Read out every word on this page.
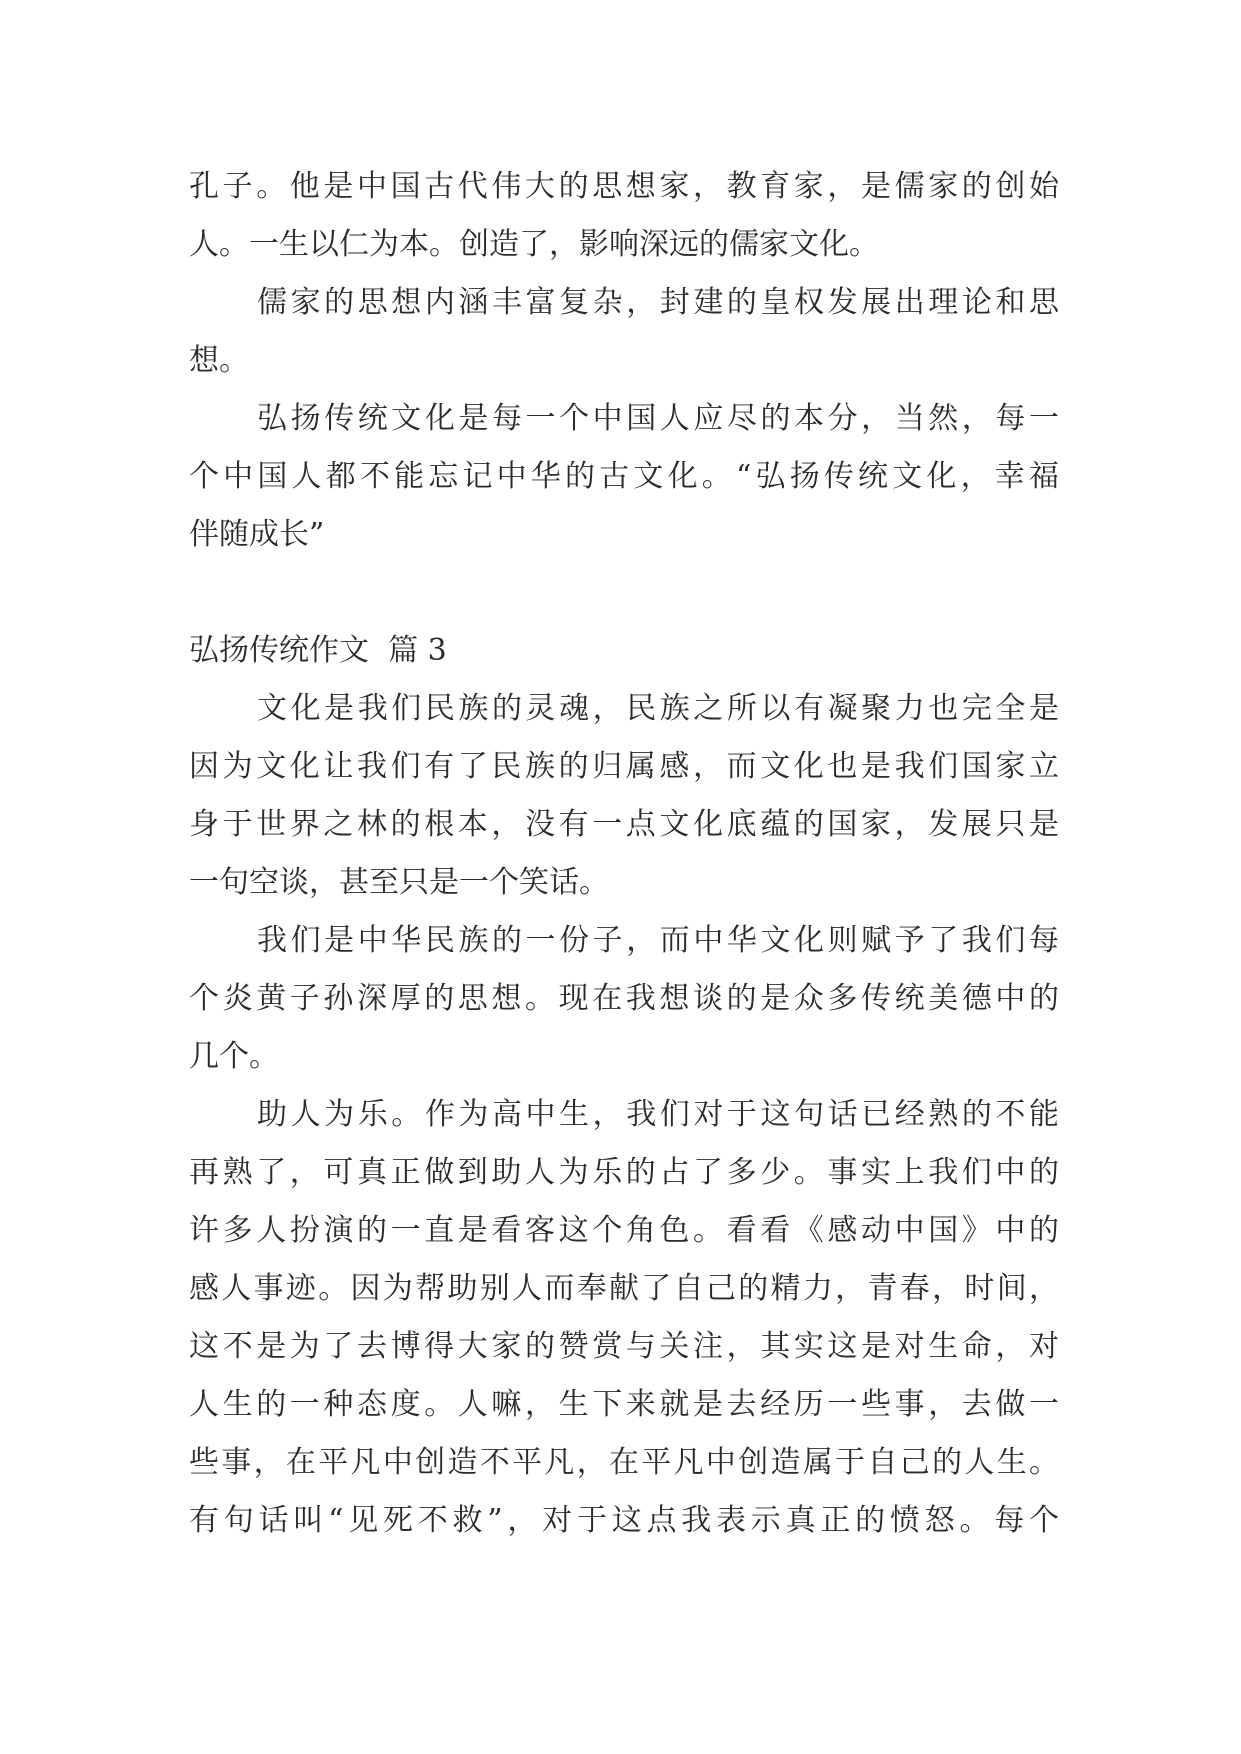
孔子。他是中国古代伟大的思想家，教育家，是儒家的创始

人。一生以仁为本。创造了，影响深远的儒家文化。

儒家的思想内涵丰富复杂，封建的皇权发展出理论和思

想。

弘扬传统文化是每一个中国人应尽的本分，当然，每一

个中国人都不能忘记中华的古文化。“弘扬传统文化，幸福

伴随成长”

弘扬传统作文  篇 3

文化是我们民族的灵魂，民族之所以有凝聚力也完全是

因为文化让我们有了民族的归属感，而文化也是我们国家立

身于世界之林的根本，没有一点文化底蕴的国家，发展只是

一句空谈，甚至只是一个笑话。

我们是中华民族的一份子，而中华文化则赋予了我们每

个炎黄子孙深厚的思想。现在我想谈的是众多传统美德中的

几个。

助人为乐。作为高中生，我们对于这句话已经熟的不能

再熟了，可真正做到助人为乐的占了多少。事实上我们中的

许多人扮演的一直是看客这个角色。看看《感动中国》中的

感人事迹。因为帮助别人而奉献了自己的精力，青春，时间，

这不是为了去博得大家的赞赏与关注，其实这是对生命，对

人生的一种态度。人嘛，生下来就是去经历一些事，去做一

些事，在平凡中创造不平凡，在平凡中创造属于自己的人生。

有句话叫“见死不救”，对于这点我表示真正的愤怒。每个
